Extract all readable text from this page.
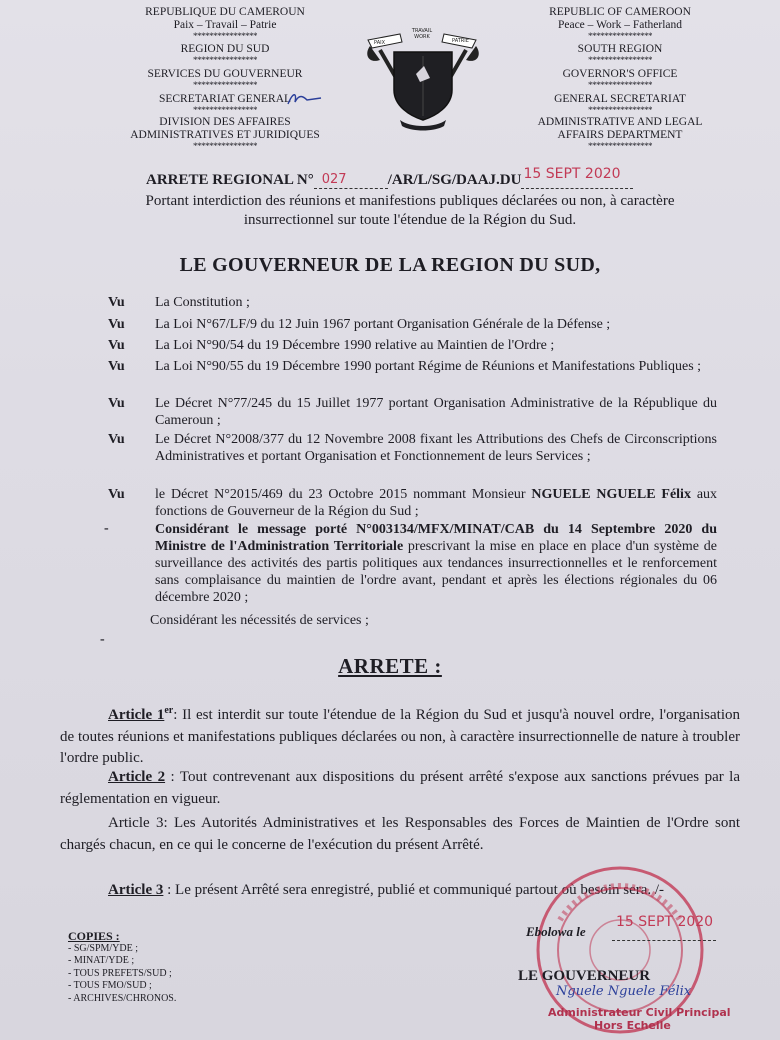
REPUBLIQUE DU CAMEROUN
Paix – Travail – Patrie
****************
REGION DU SUD
****************
SERVICES DU GOUVERNEUR
****************
SECRETARIAT GENERAL
****************
DIVISION DES AFFAIRES
ADMINISTRATIVES ET JURIDIQUES
****************
TRAVAIL
WORK
PAIX	PATRIE
REPUBLIC OF CAMEROON
Peace – Work – Fatherland
****************
SOUTH REGION
****************
GOVERNOR'S OFFICE
****************
GENERAL SECRETARIAT
****************
ADMINISTRATIVE AND LEGAL
AFFAIRS DEPARTMENT
****************
ARRETE REGIONAL N° 027	/AR/L/SG/DAAJ.DU 15 SEPT 2020
Portant interdiction des réunions et manifestions publiques déclarées ou non, à caractère insurrectionnel sur toute l'étendue de la Région du Sud.
LE GOUVERNEUR DE LA REGION DU SUD,
Vu La Constitution ;
Vu La Loi N°67/LF/9 du 12 Juin 1967 portant Organisation Générale de la Défense ;
Vu La Loi N°90/54 du 19 Décembre 1990 relative au Maintien de l'Ordre ;
Vu La Loi N°90/55 du 19 Décembre 1990 portant Régime de Réunions et Manifestations Publiques ;
Vu Le Décret N°77/245 du 15 Juillet 1977 portant Organisation Administrative de la République du Cameroun ;
Vu Le Décret N°2008/377 du 12 Novembre 2008 fixant les Attributions des Chefs de Circonscriptions Administratives et portant Organisation et Fonctionnement de leurs Services ;
Vu le Décret N°2015/469 du 23 Octobre 2015 nommant Monsieur NGUELE NGUELE Félix aux fonctions de Gouverneur de la Région du Sud ;
-	Considérant le message porté N°003134/MFX/MINAT/CAB du 14 Septembre 2020 du Ministre de l'Administration Territoriale prescrivant la mise en place en place d'un système de surveillance des activités des partis politiques aux tendances insurrectionnelles et le renforcement sans complaisance du maintien de l'ordre avant, pendant et après les élections régionales du 06 décembre 2020 ;
Considérant les nécessités de services ;
-
ARRETE :
Article 1er: Il est interdit sur toute l'étendue de la Région du Sud et jusqu'à nouvel ordre, l'organisation de toutes réunions et manifestations publiques déclarées ou non, à caractère insurrectionnelle de nature à troubler l'ordre public.
Article 2 : Tout contrevenant aux dispositions du présent arrêté s'expose aux sanctions prévues par la réglementation en vigueur.
Article 3: Les Autorités Administratives et les Responsables des Forces de Maintien de l'Ordre sont chargés chacun, en ce qui le concerne de l'exécution du présent Arrêté.
Article 3 : Le présent Arrêté sera enregistré, publié et communiqué partout où besoin sera. /-
COPIES :
- SG/SPM/YDE ;
- MINAT/YDE ;
- TOUS PREFETS/SUD ;
- TOUS FMO/SUD ;
- ARCHIVES/CHRONOS.
Ebolowa le
15 SEPT 2020
LE GOUVERNEUR
Nguele Nguele Félix
Administrateur Civil Principal
Hors Echelle
